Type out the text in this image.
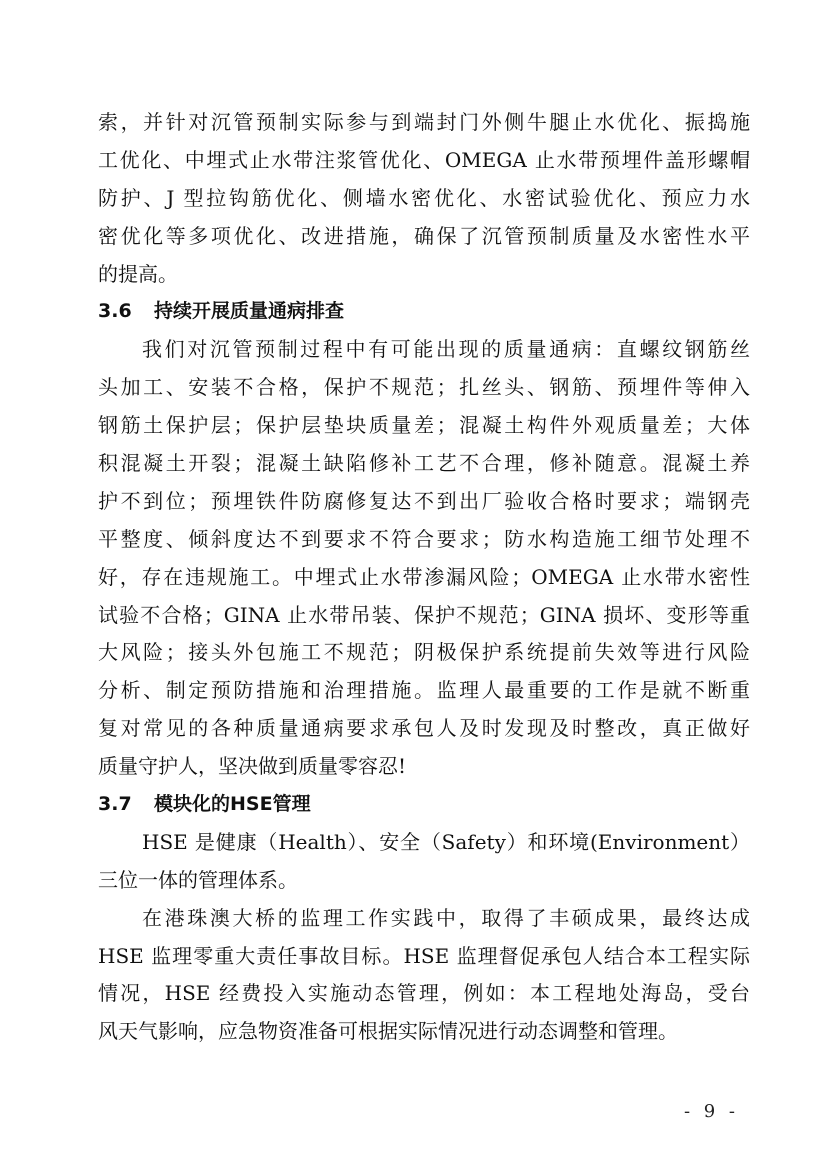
索，并针对沉管预制实际参与到端封门外侧牛腿止水优化、振捣施
工优化、中埋式止水带注浆管优化、OMEGA 止水带预埋件盖形螺帽
防护、J 型拉钩筋优化、侧墙水密优化、水密试验优化、预应力水
密优化等多项优化、改进措施，确保了沉管预制质量及水密性水平
的提高。
3.6 持续开展质量通病排查
我们对沉管预制过程中有可能出现的质量通病：直螺纹钢筋丝
头加工、安装不合格，保护不规范；扎丝头、钢筋、预埋件等伸入
钢筋土保护层；保护层垫块质量差；混凝土构件外观质量差；大体
积混凝土开裂；混凝土缺陷修补工艺不合理，修补随意。混凝土养
护不到位；预埋铁件防腐修复达不到出厂验收合格时要求；端钢壳
平整度、倾斜度达不到要求不符合要求；防水构造施工细节处理不
好，存在违规施工。中埋式止水带渗漏风险；OMEGA 止水带水密性
试验不合格；GINA 止水带吊装、保护不规范；GINA 损坏、变形等重
大风险；接头外包施工不规范；阴极保护系统提前失效等进行风险
分析、制定预防措施和治理措施。监理人最重要的工作是就不断重
复对常见的各种质量通病要求承包人及时发现及时整改，真正做好
质量守护人，坚决做到质量零容忍!
3.7 模块化的HSE管理
HSE 是健康（Health）、安全（Safety）和环境(Environment）
三位一体的管理体系。
在港珠澳大桥的监理工作实践中，取得了丰硕成果，最终达成
HSE 监理零重大责任事故目标。HSE 监理督促承包人结合本工程实际
情况，HSE 经费投入实施动态管理，例如：本工程地处海岛，受台
风天气影响，应急物资准备可根据实际情况进行动态调整和管理。
- 9 -
